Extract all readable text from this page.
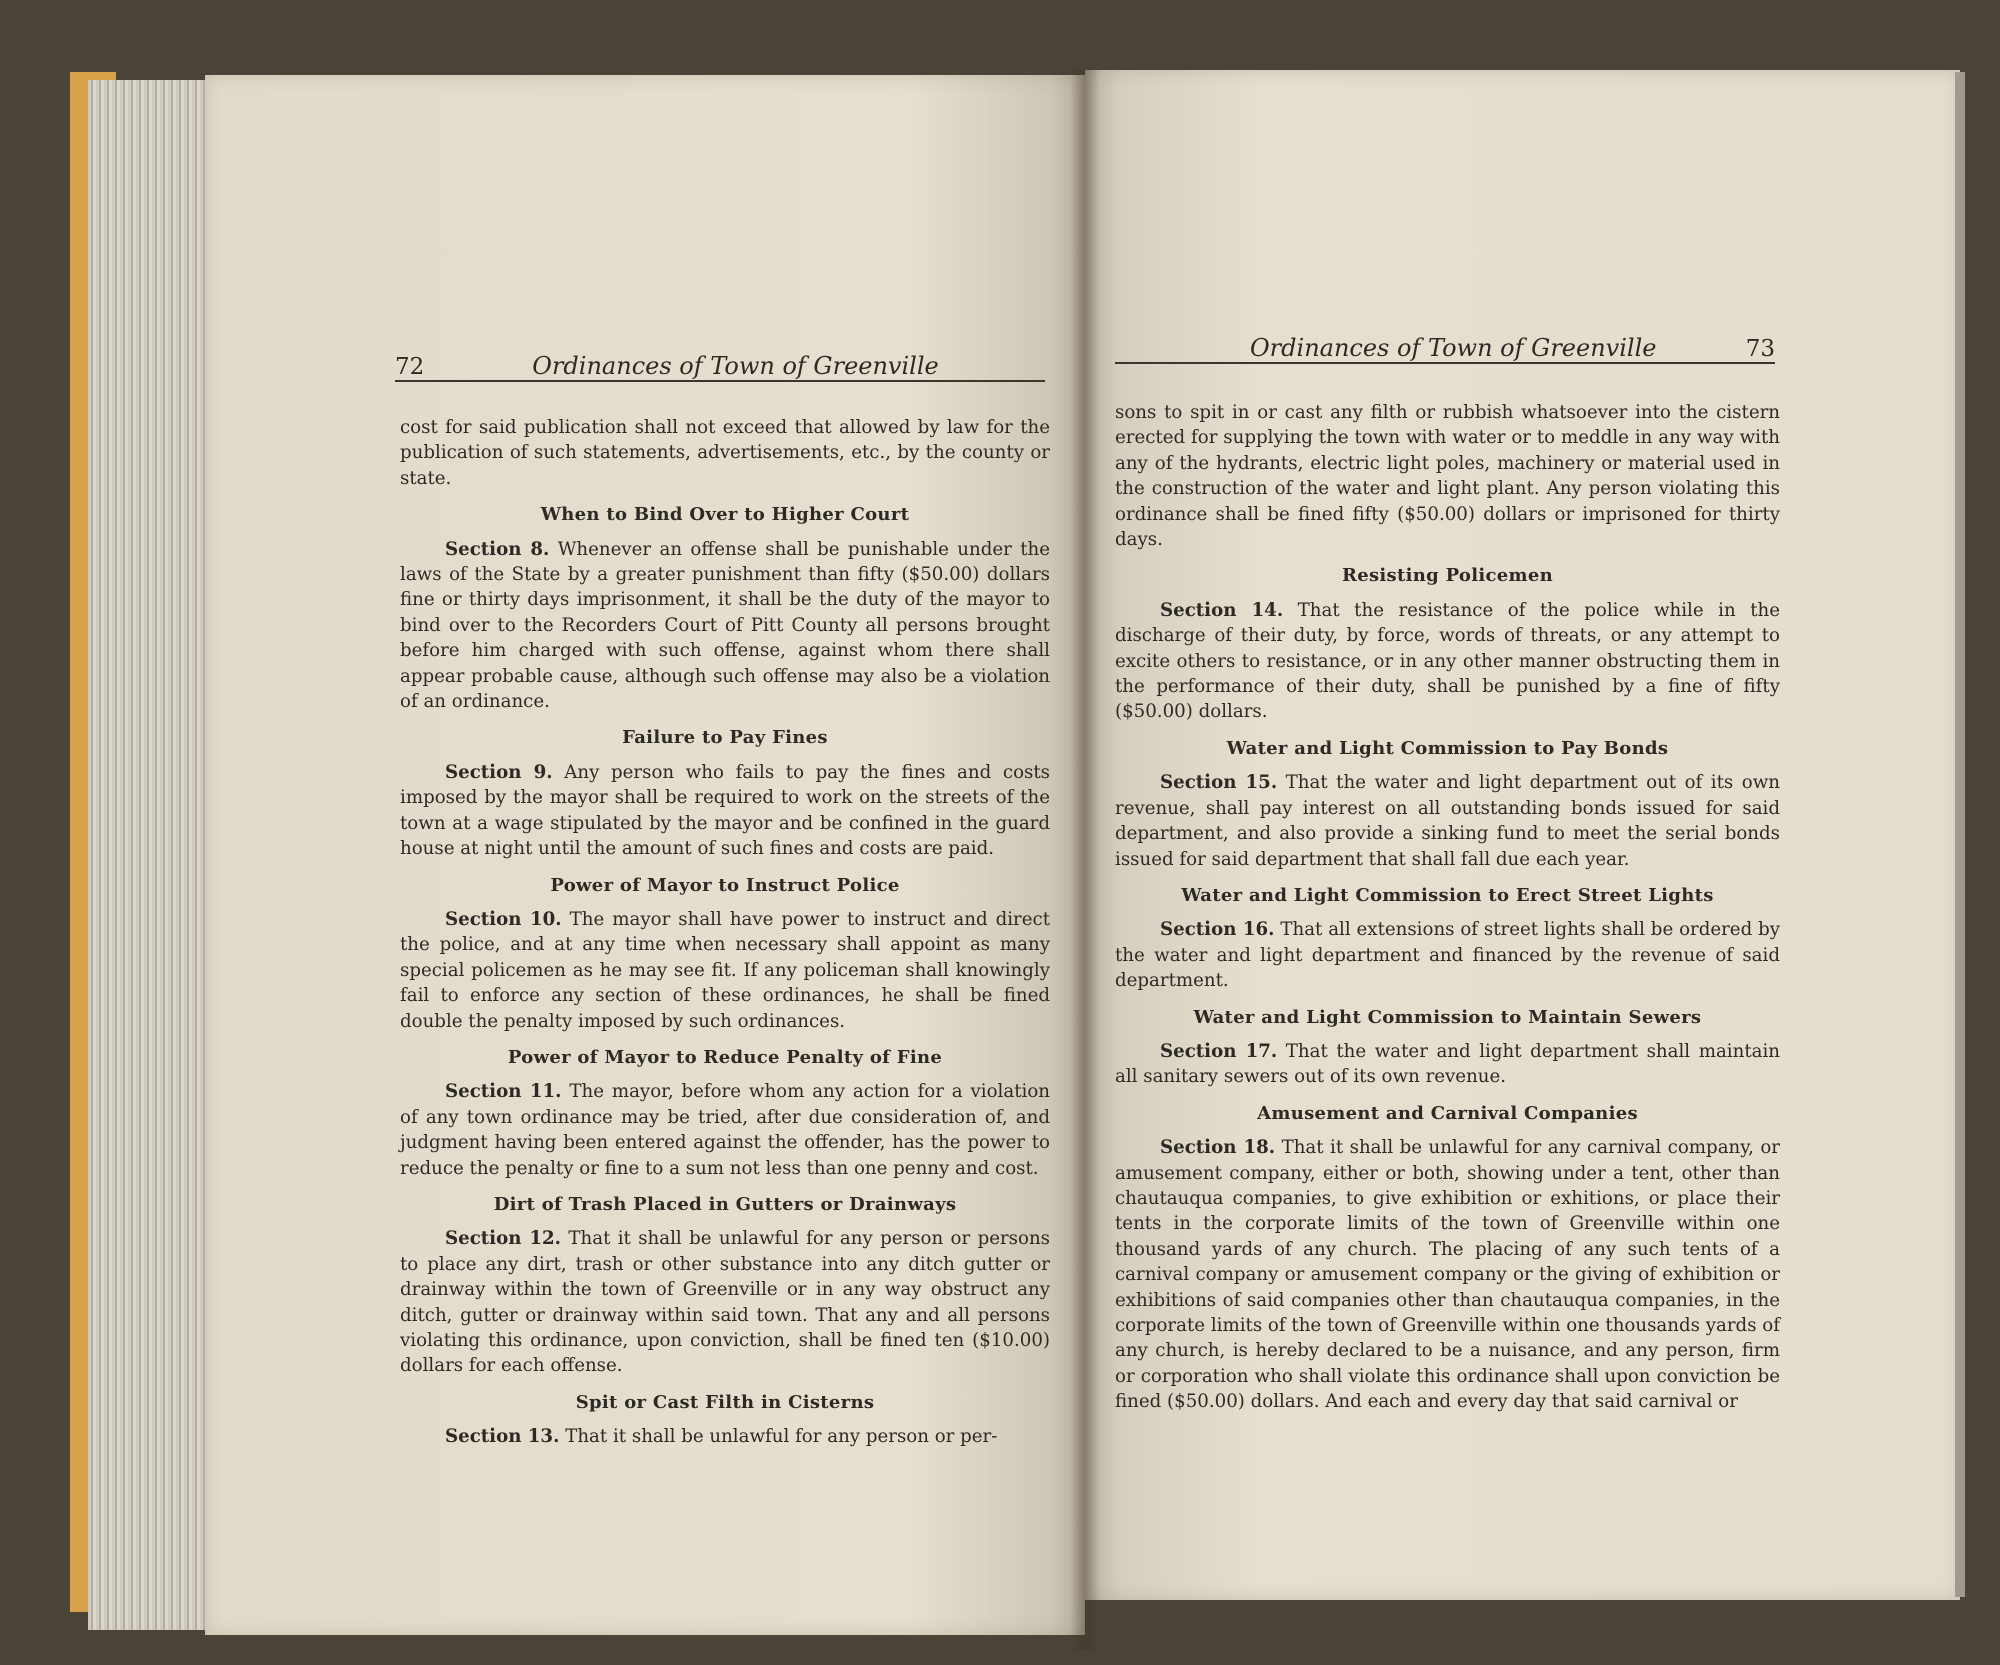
72	Ordinances of Town of Greenville

cost for said publication shall not exceed that allowed by law for the publication of such statements, advertisements, etc., by the county or state.

When to Bind Over to Higher Court

Section 8. Whenever an offense shall be punishable under the laws of the State by a greater punishment than fifty ($50.00) dollars fine or thirty days imprisonment, it shall be the duty of the mayor to bind over to the Recorders Court of Pitt County all persons brought before him charged with such offense, against whom there shall appear probable cause, although such offense may also be a violation of an ordinance.

Failure to Pay Fines

Section 9. Any person who fails to pay the fines and costs imposed by the mayor shall be required to work on the streets of the town at a wage stipulated by the mayor and be confined in the guard house at night until the amount of such fines and costs are paid.

Power of Mayor to Instruct Police

Section 10. The mayor shall have power to instruct and direct the police, and at any time when necessary shall appoint as many special policemen as he may see fit. If any policeman shall knowingly fail to enforce any section of these ordinances, he shall be fined double the penalty imposed by such ordinances.

Power of Mayor to Reduce Penalty of Fine

Section 11. The mayor, before whom any action for a violation of any town ordinance may be tried, after due consideration of, and judgment having been entered against the offender, has the power to reduce the penalty or fine to a sum not less than one penny and cost.

Dirt of Trash Placed in Gutters or Drainways

Section 12. That it shall be unlawful for any person or persons to place any dirt, trash or other substance into any ditch gutter or drainway within the town of Greenville or in any way obstruct any ditch, gutter or drainway within said town. That any and all persons violating this ordinance, upon conviction, shall be fined ten ($10.00) dollars for each offense.

Spit or Cast Filth in Cisterns

Section 13. That it shall be unlawful for any person or per-

Ordinances of Town of Greenville	73

sons to spit in or cast any filth or rubbish whatsoever into the cistern erected for supplying the town with water or to meddle in any way with any of the hydrants, electric light poles, machinery or material used in the construction of the water and light plant. Any person violating this ordinance shall be fined fifty ($50.00) dollars or imprisoned for thirty days.

Resisting Policemen

Section 14. That the resistance of the police while in the discharge of their duty, by force, words of threats, or any attempt to excite others to resistance, or in any other manner obstructing them in the performance of their duty, shall be punished by a fine of fifty ($50.00) dollars.

Water and Light Commission to Pay Bonds

Section 15. That the water and light department out of its own revenue, shall pay interest on all outstanding bonds issued for said department, and also provide a sinking fund to meet the serial bonds issued for said department that shall fall due each year.

Water and Light Commission to Erect Street Lights

Section 16. That all extensions of street lights shall be ordered by the water and light department and financed by the revenue of said department.

Water and Light Commission to Maintain Sewers

Section 17. That the water and light department shall maintain all sanitary sewers out of its own revenue.

Amusement and Carnival Companies

Section 18. That it shall be unlawful for any carnival company, or amusement company, either or both, showing under a tent, other than chautauqua companies, to give exhibition or exhitions, or place their tents in the corporate limits of the town of Greenville within one thousand yards of any church. The placing of any such tents of a carnival company or amusement company or the giving of exhibition or exhibitions of said companies other than chautauqua companies, in the corporate limits of the town of Greenville within one thousands yards of any church, is hereby declared to be a nuisance, and any person, firm or corporation who shall violate this ordinance shall upon conviction be fined ($50.00) dollars. And each and every day that said carnival or
